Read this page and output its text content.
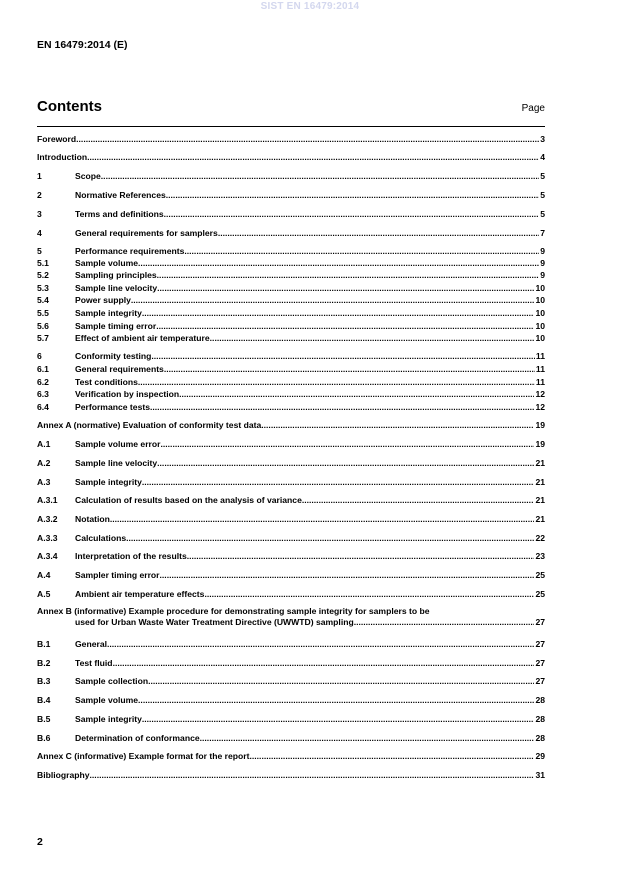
SIST EN 16479:2014
EN 16479:2014 (E)
Contents	Page
Foreword .....	3
Introduction .....	4
1	Scope .....	5
2	Normative References .....	5
3	Terms and definitions .....	5
4	General requirements for samplers .....	7
5	Performance requirements .....	9
5.1	Sample volume .....	9
5.2	Sampling principles .....	9
5.3	Sample line velocity .....	10
5.4	Power supply .....	10
5.5	Sample integrity .....	10
5.6	Sample timing error .....	10
5.7	Effect of ambient air temperature .....	10
6	Conformity testing .....	11
6.1	General requirements .....	11
6.2	Test conditions .....	11
6.3	Verification by inspection .....	12
6.4	Performance tests .....	12
Annex A (normative) Evaluation of conformity test data .....	19
A.1	Sample volume error .....	19
A.2	Sample line velocity .....	21
A.3	Sample integrity .....	21
A.3.1 Calculation of results based on the analysis of variance .....	21
A.3.2 Notation .....	21
A.3.3 Calculations .....	22
A.3.4 Interpretation of the results .....	23
A.4	Sampler timing error .....	25
A.5	Ambient air temperature effects .....	25
Annex B (informative) Example procedure for demonstrating sample integrity for samplers to be
used for Urban Waste Water Treatment Directive (UWWTD) sampling .....	27
B.1	General .....	27
B.2	Test fluid .....	27
B.3	Sample collection .....	27
B.4	Sample volume .....	28
B.5	Sample integrity .....	28
B.6	Determination of conformance .....	28
Annex C (informative) Example format for the report .....	29
Bibliography .....	31
2
